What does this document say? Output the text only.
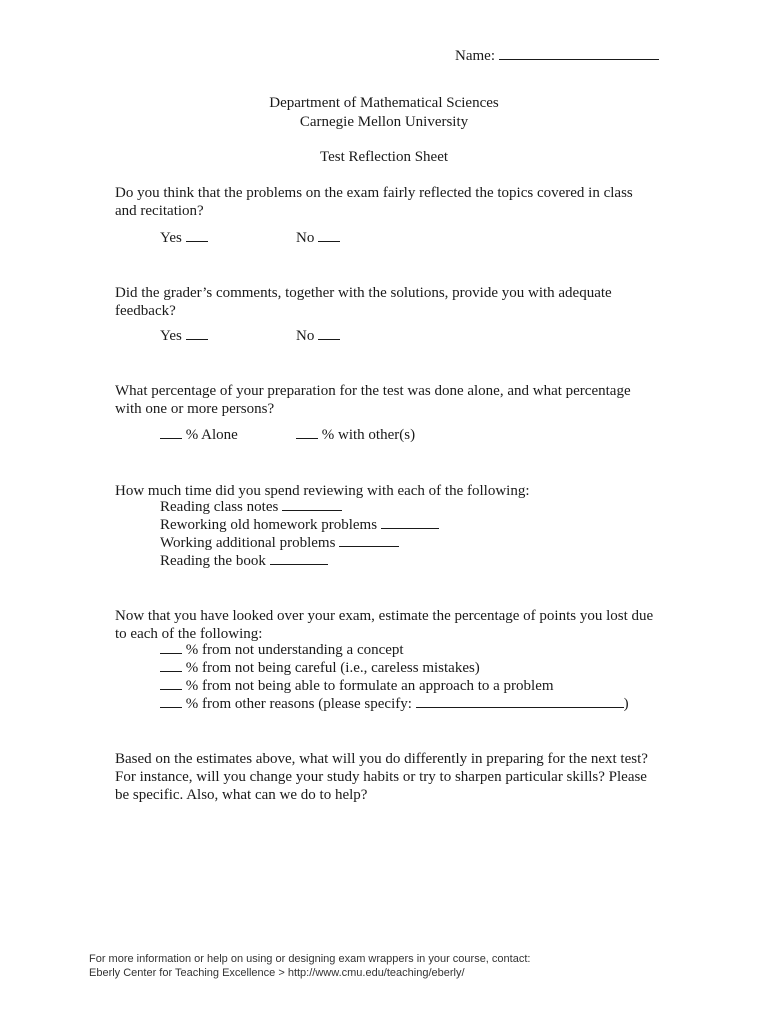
Name:
Department of Mathematical Sciences
Carnegie Mellon University
Test Reflection Sheet
Do you think that the problems on the exam fairly reflected the topics covered in class
and recitation?
Yes	No
Did the grader’s comments, together with the solutions, provide you with adequate
feedback?
Yes	No
What percentage of your preparation for the test was done alone, and what percentage
with one or more persons?
% Alone	% with other(s)
How much time did you spend reviewing with each of the following:
Reading class notes
Reworking old homework problems
Working additional problems
Reading the book
Now that you have looked over your exam, estimate the percentage of points you lost due
to each of the following:
% from not understanding a concept
% from not being careful (i.e., careless mistakes)
% from not being able to formulate an approach to a problem
% from other reasons (please specify:	)
Based on the estimates above, what will you do differently in preparing for the next test?
For instance, will you change your study habits or try to sharpen particular skills? Please
be specific. Also, what can we do to help?
For more information or help on using or designing exam wrappers in your course, contact:
Eberly Center for Teaching Excellence > http://www.cmu.edu/teaching/eberly/
